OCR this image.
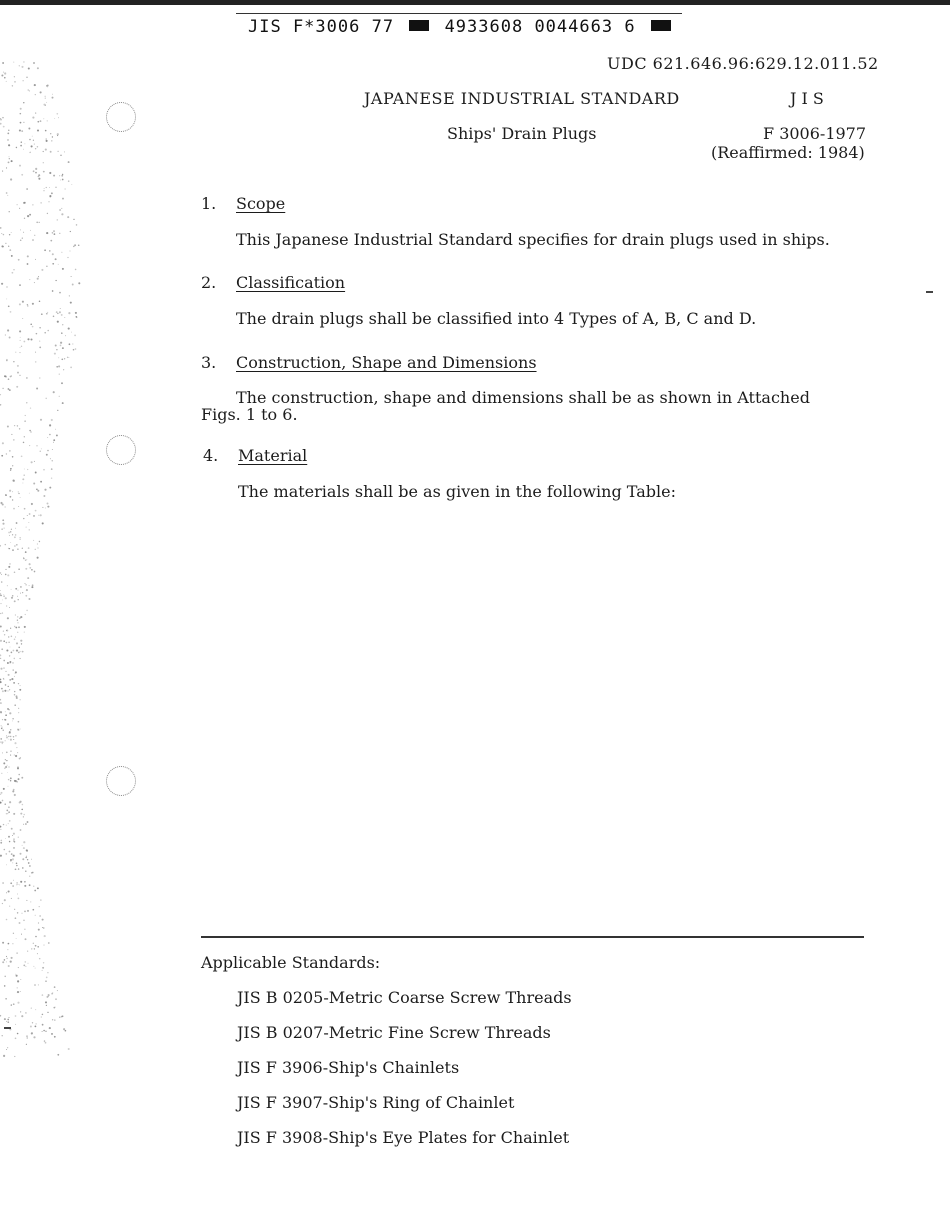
JIS F*3006 77	4933608 0044663 6
UDC 621.646.96:629.12.011.52
JAPANESE INDUSTRIAL STANDARD	J I S
Ships' Drain Plugs	F 3006-1977
(Reaffirmed: 1984)
1. Scope
This Japanese Industrial Standard specifies for drain plugs used in ships.
2. Classification
The drain plugs shall be classified into 4 Types of A, B, C and D.
3. Construction, Shape and Dimensions
The construction, shape and dimensions shall be as shown in Attached
Figs. 1 to 6.
4. Material
The materials shall be as given in the following Table:
Applicable Standards:
JIS B 0205-Metric Coarse Screw Threads
JIS B 0207-Metric Fine Screw Threads
JIS F 3906-Ship's Chainlets
JIS F 3907-Ship's Ring of Chainlet
JIS F 3908-Ship's Eye Plates for Chainlet
